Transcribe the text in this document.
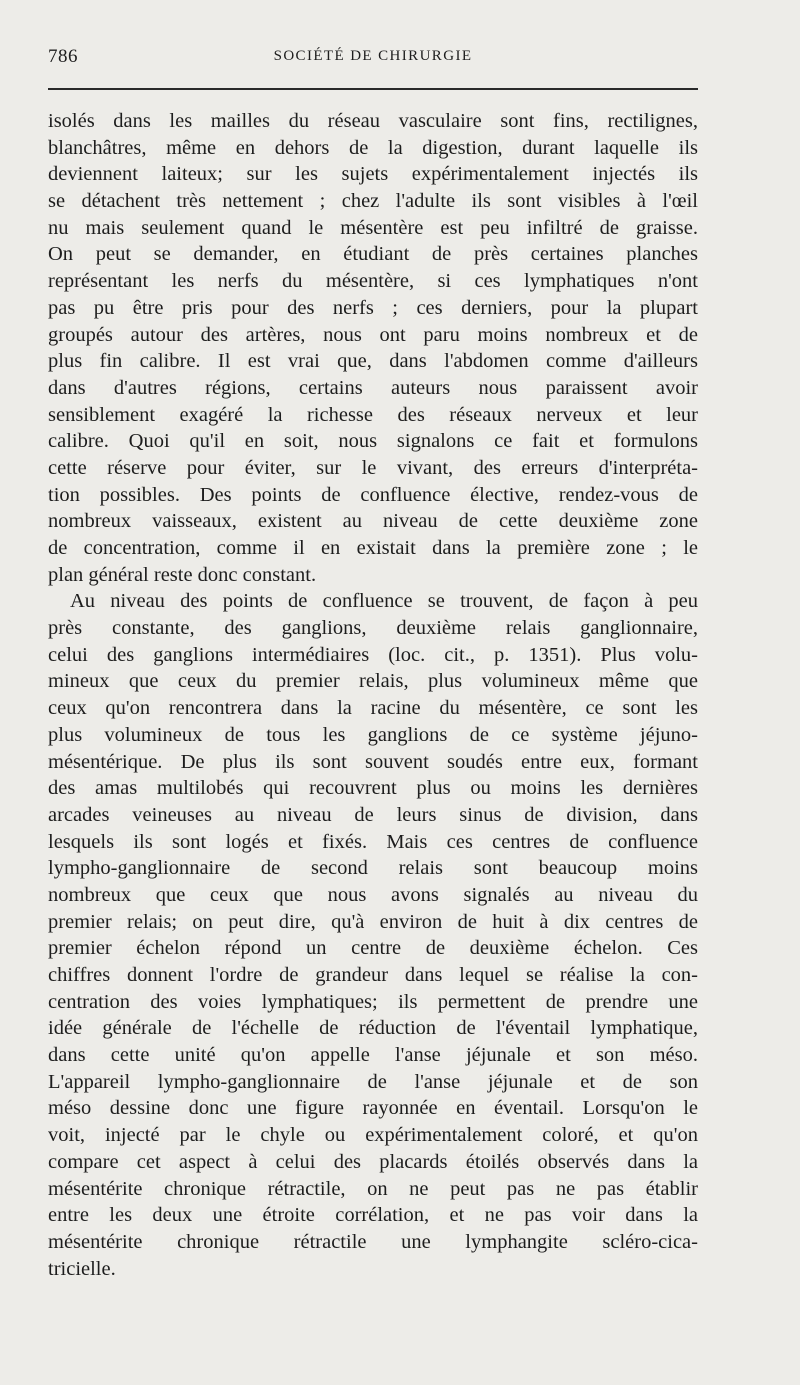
786	SOCIÉTÉ DE CHIRURGIE
isolés dans les mailles du réseau vasculaire sont fins, rectilignes,
blanchâtres, même en dehors de la digestion, durant laquelle ils
deviennent laiteux; sur les sujets expérimentalement injectés ils
se détachent très nettement ; chez l'adulte ils sont visibles à l'œil
nu mais seulement quand le mésentère est peu infiltré de graisse.
On peut se demander, en étudiant de près certaines planches
représentant les nerfs du mésentère, si ces lymphatiques n'ont
pas pu être pris pour des nerfs ; ces derniers, pour la plupart
groupés autour des artères, nous ont paru moins nombreux et de
plus fin calibre. Il est vrai que, dans l'abdomen comme d'ailleurs
dans d'autres régions, certains auteurs nous paraissent avoir
sensiblement exagéré la richesse des réseaux nerveux et leur
calibre. Quoi qu'il en soit, nous signalons ce fait et formulons
cette réserve pour éviter, sur le vivant, des erreurs d'interpréta-
tion possibles. Des points de confluence élective, rendez-vous de
nombreux vaisseaux, existent au niveau de cette deuxième zone
de concentration, comme il en existait dans la première zone ; le
plan général reste donc constant.
Au niveau des points de confluence se trouvent, de façon à peu
près constante, des ganglions, deuxième relais ganglionnaire,
celui des ganglions intermédiaires (loc. cit., p. 1351). Plus volu-
mineux que ceux du premier relais, plus volumineux même que
ceux qu'on rencontrera dans la racine du mésentère, ce sont les
plus volumineux de tous les ganglions de ce système jéjuno-
mésentérique. De plus ils sont souvent soudés entre eux, formant
des amas multilobés qui recouvrent plus ou moins les dernières
arcades veineuses au niveau de leurs sinus de division, dans
lesquels ils sont logés et fixés. Mais ces centres de confluence
lympho-ganglionnaire de second relais sont beaucoup moins
nombreux que ceux que nous avons signalés au niveau du
premier relais; on peut dire, qu'à environ de huit à dix centres de
premier échelon répond un centre de deuxième échelon. Ces
chiffres donnent l'ordre de grandeur dans lequel se réalise la con-
centration des voies lymphatiques; ils permettent de prendre une
idée générale de l'échelle de réduction de l'éventail lymphatique,
dans cette unité qu'on appelle l'anse jéjunale et son méso.
L'appareil lympho-ganglionnaire de l'anse jéjunale et de son
méso dessine donc une figure rayonnée en éventail. Lorsqu'on le
voit, injecté par le chyle ou expérimentalement coloré, et qu'on
compare cet aspect à celui des placards étoilés observés dans la
mésentérite chronique rétractile, on ne peut pas ne pas établir
entre les deux une étroite corrélation, et ne pas voir dans la
mésentérite chronique rétractile une lymphangite scléro-cica-
tricielle.
